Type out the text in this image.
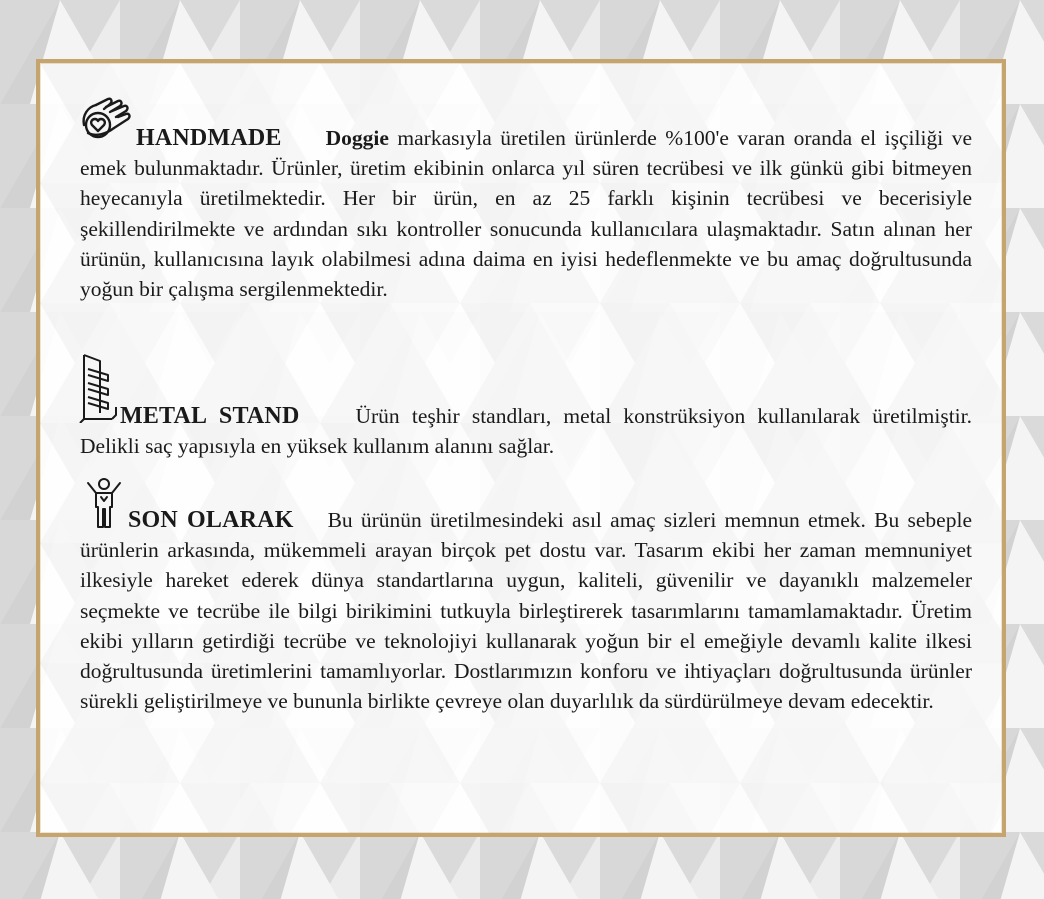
HANDMADE Doggie markasıyla üretilen ürünlerde %100'e varan oranda el işçiliği ve emek bulunmaktadır. Ürünler, üretim ekibinin onlarca yıl süren tecrübesi ve ilk günkü gibi bitmeyen heyecanıyla üretilmektedir. Her bir ürün, en az 25 farklı kişinin tecrübesi ve becerisiyle şekillendirilmekte ve ardından sıkı kontroller sonucunda kullanıcılara ulaşmaktadır. Satın alınan her ürünün, kullanıcısına layık olabilmesi adına daima en iyisi hedeflenmekte ve bu amaç doğrultusunda yoğun bir çalışma sergilenmektedir.
METAL STAND	Ürün teşhir standları, metal konstrüksiyon kullanılarak üretilmiştir. Delikli saç yapısıyla en yüksek kullanım alanını sağlar.
SON OLARAK Bu ürünün üretilmesindeki asıl amaç sizleri memnun etmek. Bu sebeple ürünlerin arkasında, mükemmeli arayan birçok pet dostu var. Tasarım ekibi her zaman memnuniyet ilkesiyle hareket ederek dünya standartlarına uygun, kaliteli, güvenilir ve dayanıklı malzemeler seçmekte ve tecrübe ile bilgi birikimini tutkuyla birleştirerek tasarımlarını tamamlamaktadır. Üretim ekibi yılların getirdiği tecrübe ve teknolojiyi kullanarak yoğun bir el emeğiyle devamlı kalite ilkesi doğrultusunda üretimlerini tamamlıyorlar. Dostlarımızın konforu ve ihtiyaçları doğrultusunda ürünler sürekli geliştirilmeye ve bununla birlikte çevreye olan duyarlılık da sürdürülmeye devam edecektir.
